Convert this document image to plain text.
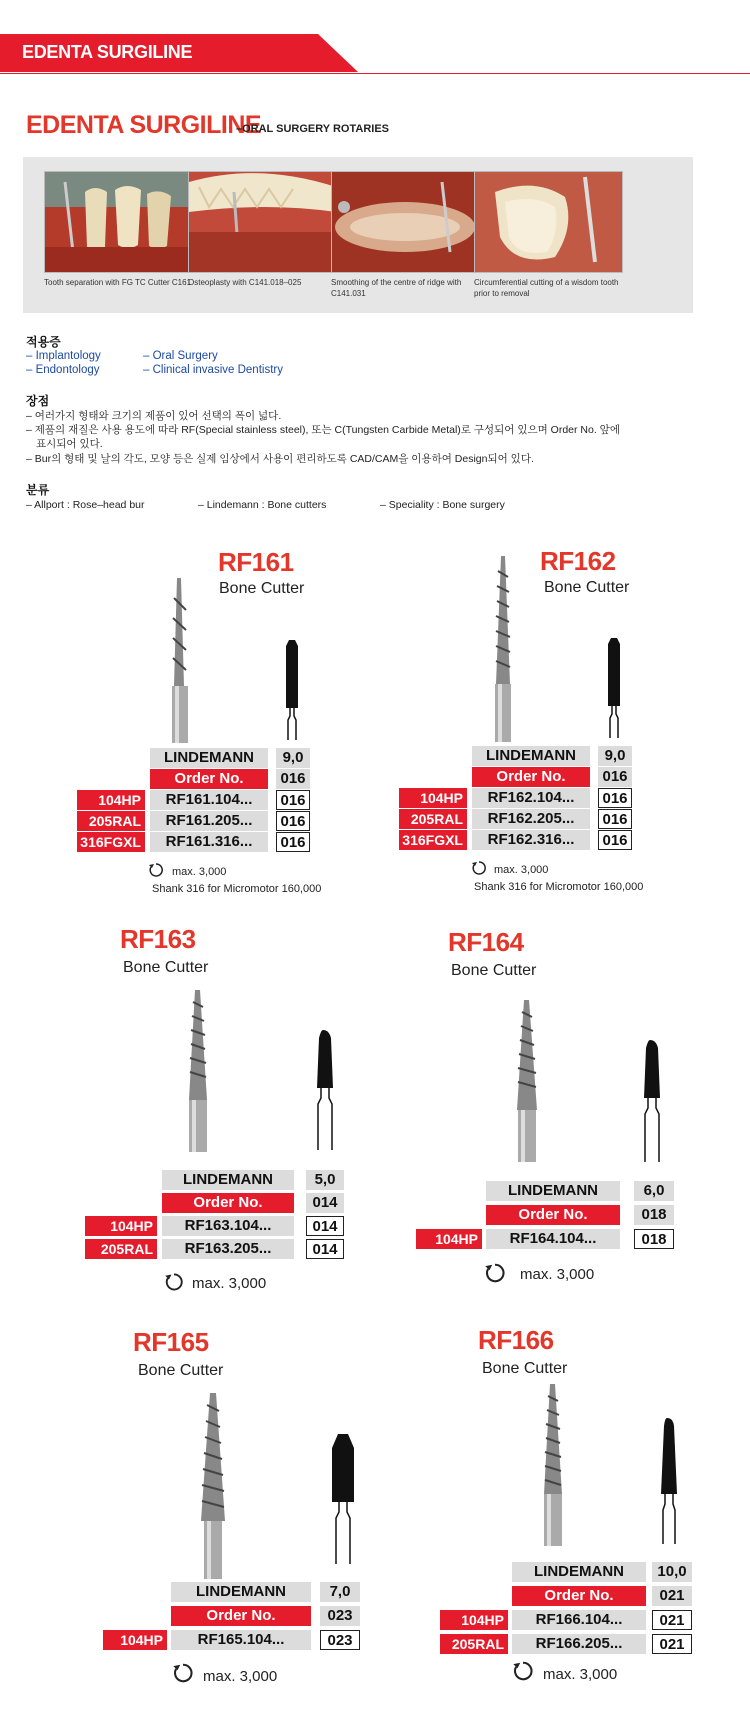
EDENTA SURGILINE
EDENTA SURGILINE
–ORAL SURGERY ROTARIES
Tooth separation with FG TC Cutter C161
Osteoplasty with C141.018–025	Smoothing of the centre of ridge with C141.031
Circumferential cutting of a wisdom tooth prior to removal
적용증
– Implantology	– Oral Surgery
– Endontology	– Clinical invasive Dentistry
장점
– 여러가지 형태와 크기의 제품이 있어 선택의 폭이 넓다.
– 제품의 재질은 사용 용도에 따라 RF(Special stainless steel), 또는 C(Tungsten Carbide Metal)로 구성되어 있으며 Order No. 앞에
표시되어 있다.
– Bur의 형태 및 날의 각도, 모양 등은 실제 임상에서 사용이 편리하도록 CAD/CAM을 이용하여 Design되어 있다.
분류
– Allport : Rose–head bur	– Lindemann : Bone cutters	– Speciality : Bone surgery
RF161
Bone Cutter
LINDEMANN	9,0
Order No.	016
104HP	RF161.104...	016
205RAL	RF161.205...	016
316FGXL	RF161.316...	016
max. 3,000
Shank 316 for Micromotor 160,000
RF162
Bone Cutter
LINDEMANN	9,0
Order No.	016
104HP	RF162.104...	016
205RAL	RF162.205...	016
316FGXL	RF162.316...	016
max. 3,000
Shank 316 for Micromotor 160,000
RF163
Bone Cutter
LINDEMANN	5,0
Order No.	014
104HP	RF163.104...	014
205RAL	RF163.205...	014
max. 3,000
RF164
Bone Cutter
LINDEMANN	6,0
Order No.	018
104HP	RF164.104...	018
max. 3,000
RF165
Bone Cutter
LINDEMANN	7,0
Order No.	023
104HP	RF165.104...	023
max. 3,000
RF166
Bone Cutter
LINDEMANN	10,0
Order No.	021
104HP	RF166.104...	021
205RAL	RF166.205...	021
max. 3,000
